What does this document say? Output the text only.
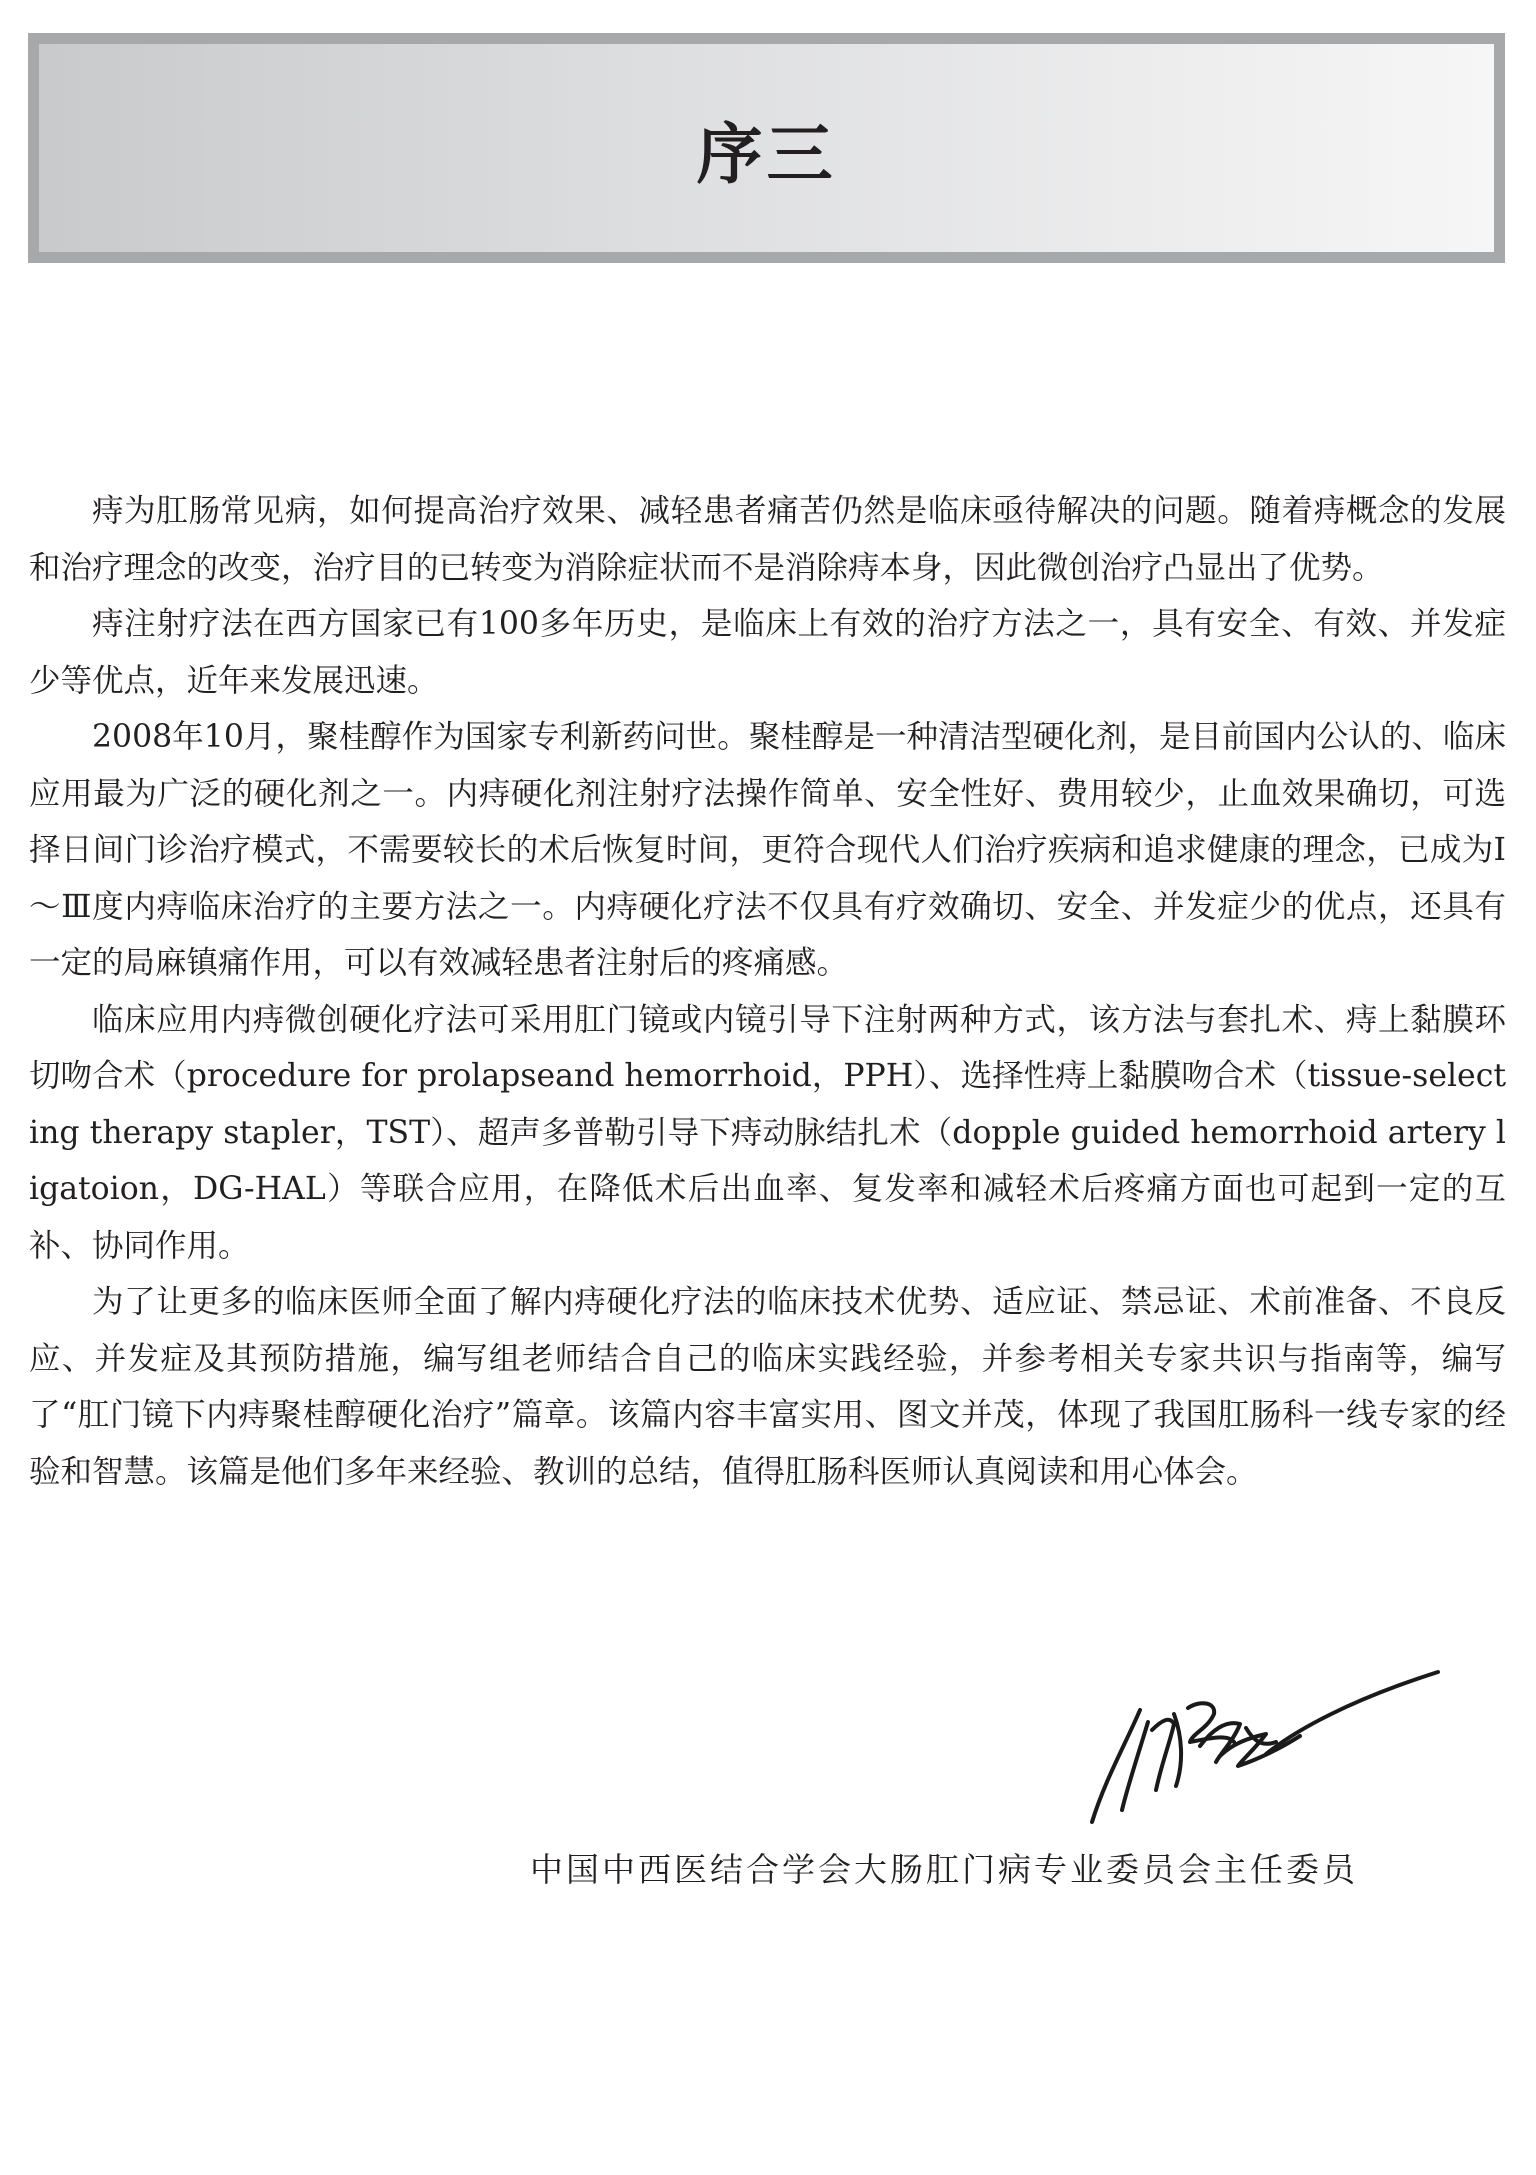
序三

痔为肛肠常见病，如何提高治疗效果、减轻患者痛苦仍然是临床亟待解决的问题。随着痔概念的发展和治疗理念的改变，治疗目的已转变为消除症状而不是消除痔本身，因此微创治疗凸显出了优势。

痔注射疗法在西方国家已有100多年历史，是临床上有效的治疗方法之一，具有安全、有效、并发症少等优点，近年来发展迅速。

2008年10月，聚桂醇作为国家专利新药问世。聚桂醇是一种清洁型硬化剂，是目前国内公认的、临床应用最为广泛的硬化剂之一。内痔硬化剂注射疗法操作简单、安全性好、费用较少，止血效果确切，可选择日间门诊治疗模式，不需要较长的术后恢复时间，更符合现代人们治疗疾病和追求健康的理念，已成为Ⅰ～Ⅲ度内痔临床治疗的主要方法之一。内痔硬化疗法不仅具有疗效确切、安全、并发症少的优点，还具有一定的局麻镇痛作用，可以有效减轻患者注射后的疼痛感。

临床应用内痔微创硬化疗法可采用肛门镜或内镜引导下注射两种方式，该方法与套扎术、痔上黏膜环切吻合术（procedure for prolapseand hemorrhoid，PPH）、选择性痔上黏膜吻合术（tissue-selecting therapy stapler，TST）、超声多普勒引导下痔动脉结扎术（dopple guided hemorrhoid artery ligatoion，DG-HAL）等联合应用，在降低术后出血率、复发率和减轻术后疼痛方面也可起到一定的互补、协同作用。

为了让更多的临床医师全面了解内痔硬化疗法的临床技术优势、适应证、禁忌证、术前准备、不良反应、并发症及其预防措施，编写组老师结合自己的临床实践经验，并参考相关专家共识与指南等，编写了“肛门镜下内痔聚桂醇硬化治疗”篇章。该篇内容丰富实用、图文并茂，体现了我国肛肠科一线专家的经验和智慧。该篇是他们多年来经验、教训的总结，值得肛肠科医师认真阅读和用心体会。

中国中西医结合学会大肠肛门病专业委员会主任委员
